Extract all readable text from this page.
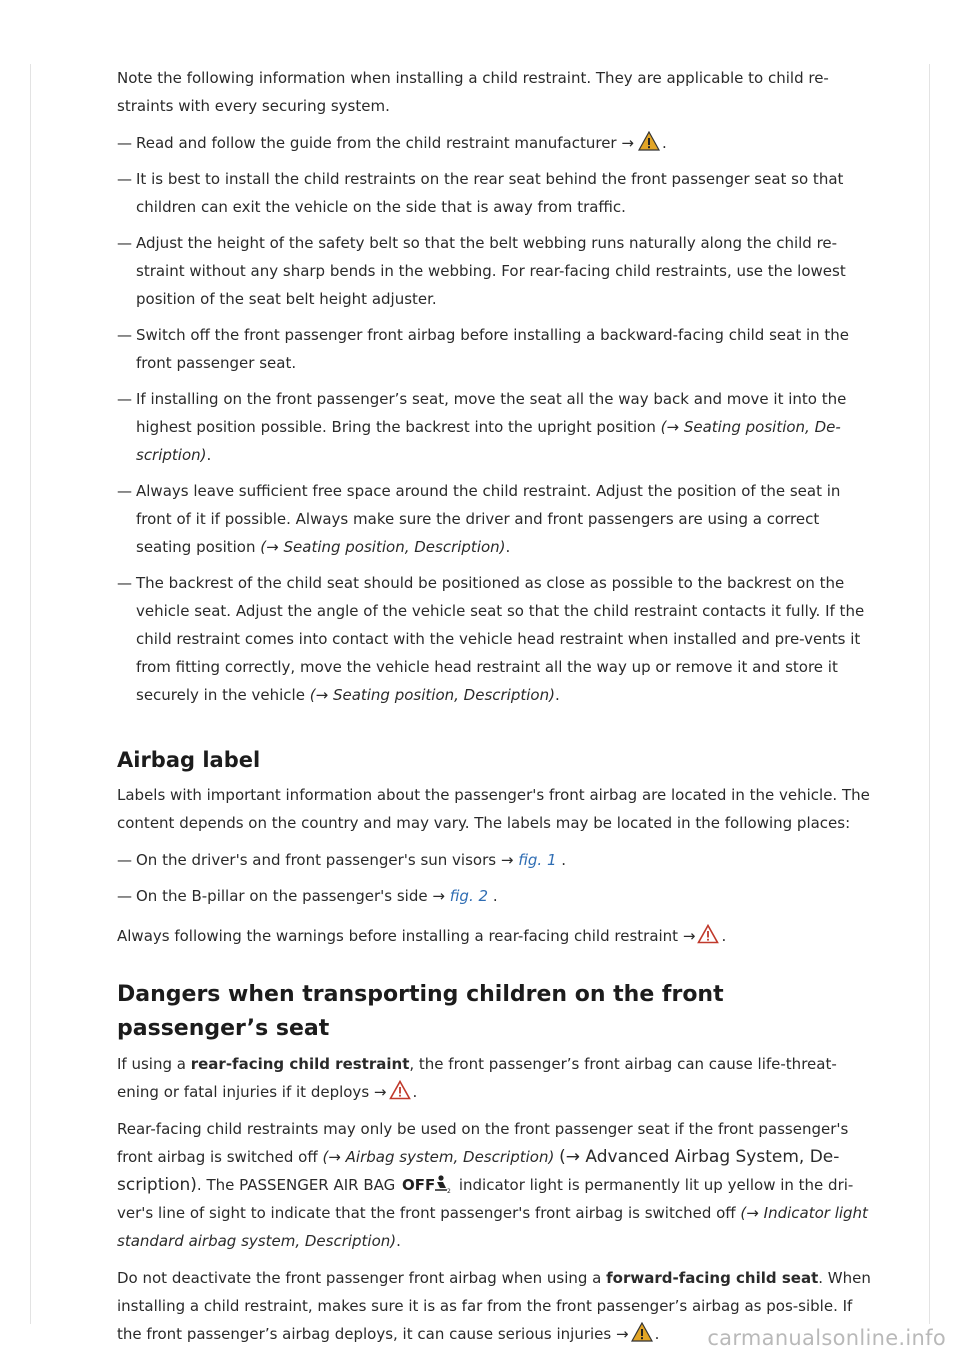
Note the following information when installing a child restraint. They are applicable to child re-straints with every securing system.

— Read and follow the guide from the child restraint manufacturer → .
— It is best to install the child restraints on the rear seat behind the front passenger seat so that children can exit the vehicle on the side that is away from traffic.
— Adjust the height of the safety belt so that the belt webbing runs naturally along the child re-straint without any sharp bends in the webbing. For rear-facing child restraints, use the lowest position of the seat belt height adjuster.
— Switch off the front passenger front airbag before installing a backward-facing child seat in the front passenger seat.
— If installing on the front passenger’s seat, move the seat all the way back and move it into the highest position possible. Bring the backrest into the upright position (→ Seating position, De-scription).
— Always leave sufficient free space around the child restraint. Adjust the position of the seat in front of it if possible. Always make sure the driver and front passengers are using a correct seating position (→ Seating position, Description).
— The backrest of the child seat should be positioned as close as possible to the backrest on the vehicle seat. Adjust the angle of the vehicle seat so that the child restraint contacts it fully. If the child restraint comes into contact with the vehicle head restraint when installed and pre-vents it from fitting correctly, move the vehicle head restraint all the way up or remove it and store it securely in the vehicle (→ Seating position, Description).
Airbag label

Labels with important information about the passenger's front airbag are located in the vehicle. The content depends on the country and may vary. The labels may be located in the following places:

— On the driver's and front passenger's sun visors → fig. 1 .
— On the B-pillar on the passenger's side → fig. 2 .

Always following the warnings before installing a rear-facing child restraint → .

Dangers when transporting children on the front passenger’s seat

If using a rear-facing child restraint, the front passenger’s front airbag can cause life-threat-ening or fatal injuries if it deploys → .

Rear-facing child restraints may only be used on the front passenger seat if the front passenger's front airbag is switched off (→ Airbag system, Description) (→ Advanced Airbag System, De-scription). The PASSENGER AIR BAG OFF 2 indicator light is permanently lit up yellow in the dri-ver's line of sight to indicate that the front passenger's front airbag is switched off (→ Indicator light standard airbag system, Description).

Do not deactivate the front passenger front airbag when using a forward-facing child seat. When installing a child restraint, makes sure it is as far from the front passenger’s airbag as pos-sible. If the front passenger’s airbag deploys, it can cause serious injuries → .	carmanualsonline.info
